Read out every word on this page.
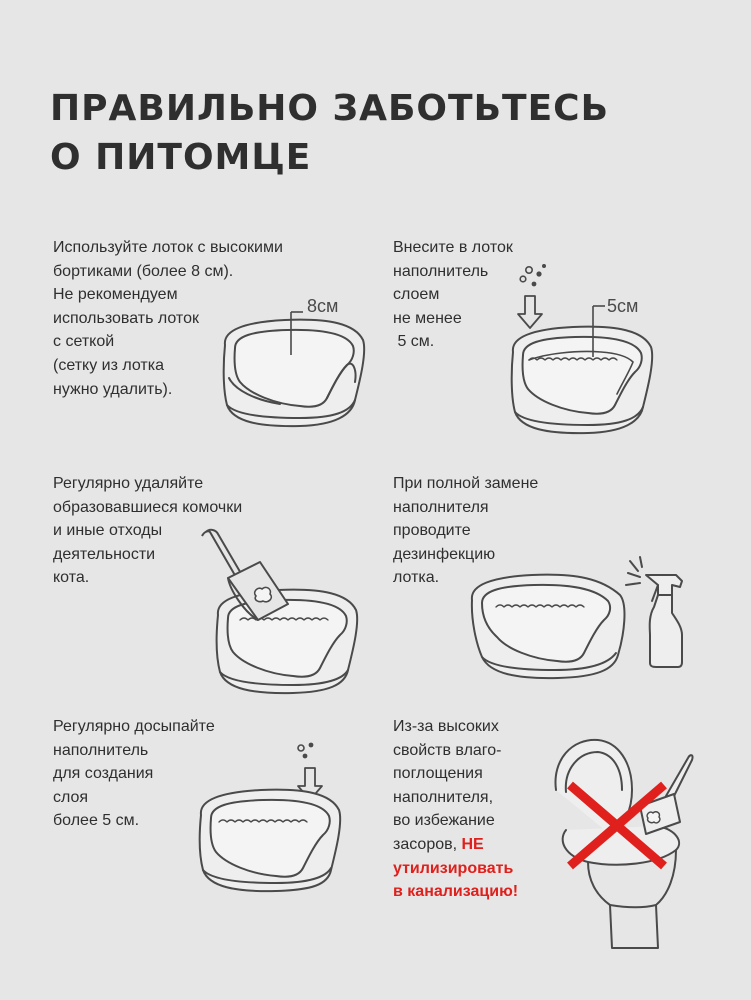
ПРАВИЛЬНО ЗАБОТЬТЕСЬ
О ПИТОМЦЕ

Используйте лоток с высокими
бортиками (более 8 см).
Не рекомендуем
использовать лоток
с сеткой
(сетку из лотка
нужно удалить).

Внесите в лоток
наполнитель
слоем
не менее
5 см.

Регулярно удаляйте
образовавшиеся комочки
и иные отходы
деятельности
кота.

При полной замене
наполнителя
проводите
дезинфекцию
лотка.

Регулярно досыпайте
наполнитель
для создания
слоя
более 5 см.

Из-за высоких
свойств влаго-
поглощения
наполнителя,
во избежание
засоров, НЕ
утилизировать
в канализацию!

8см	5см
